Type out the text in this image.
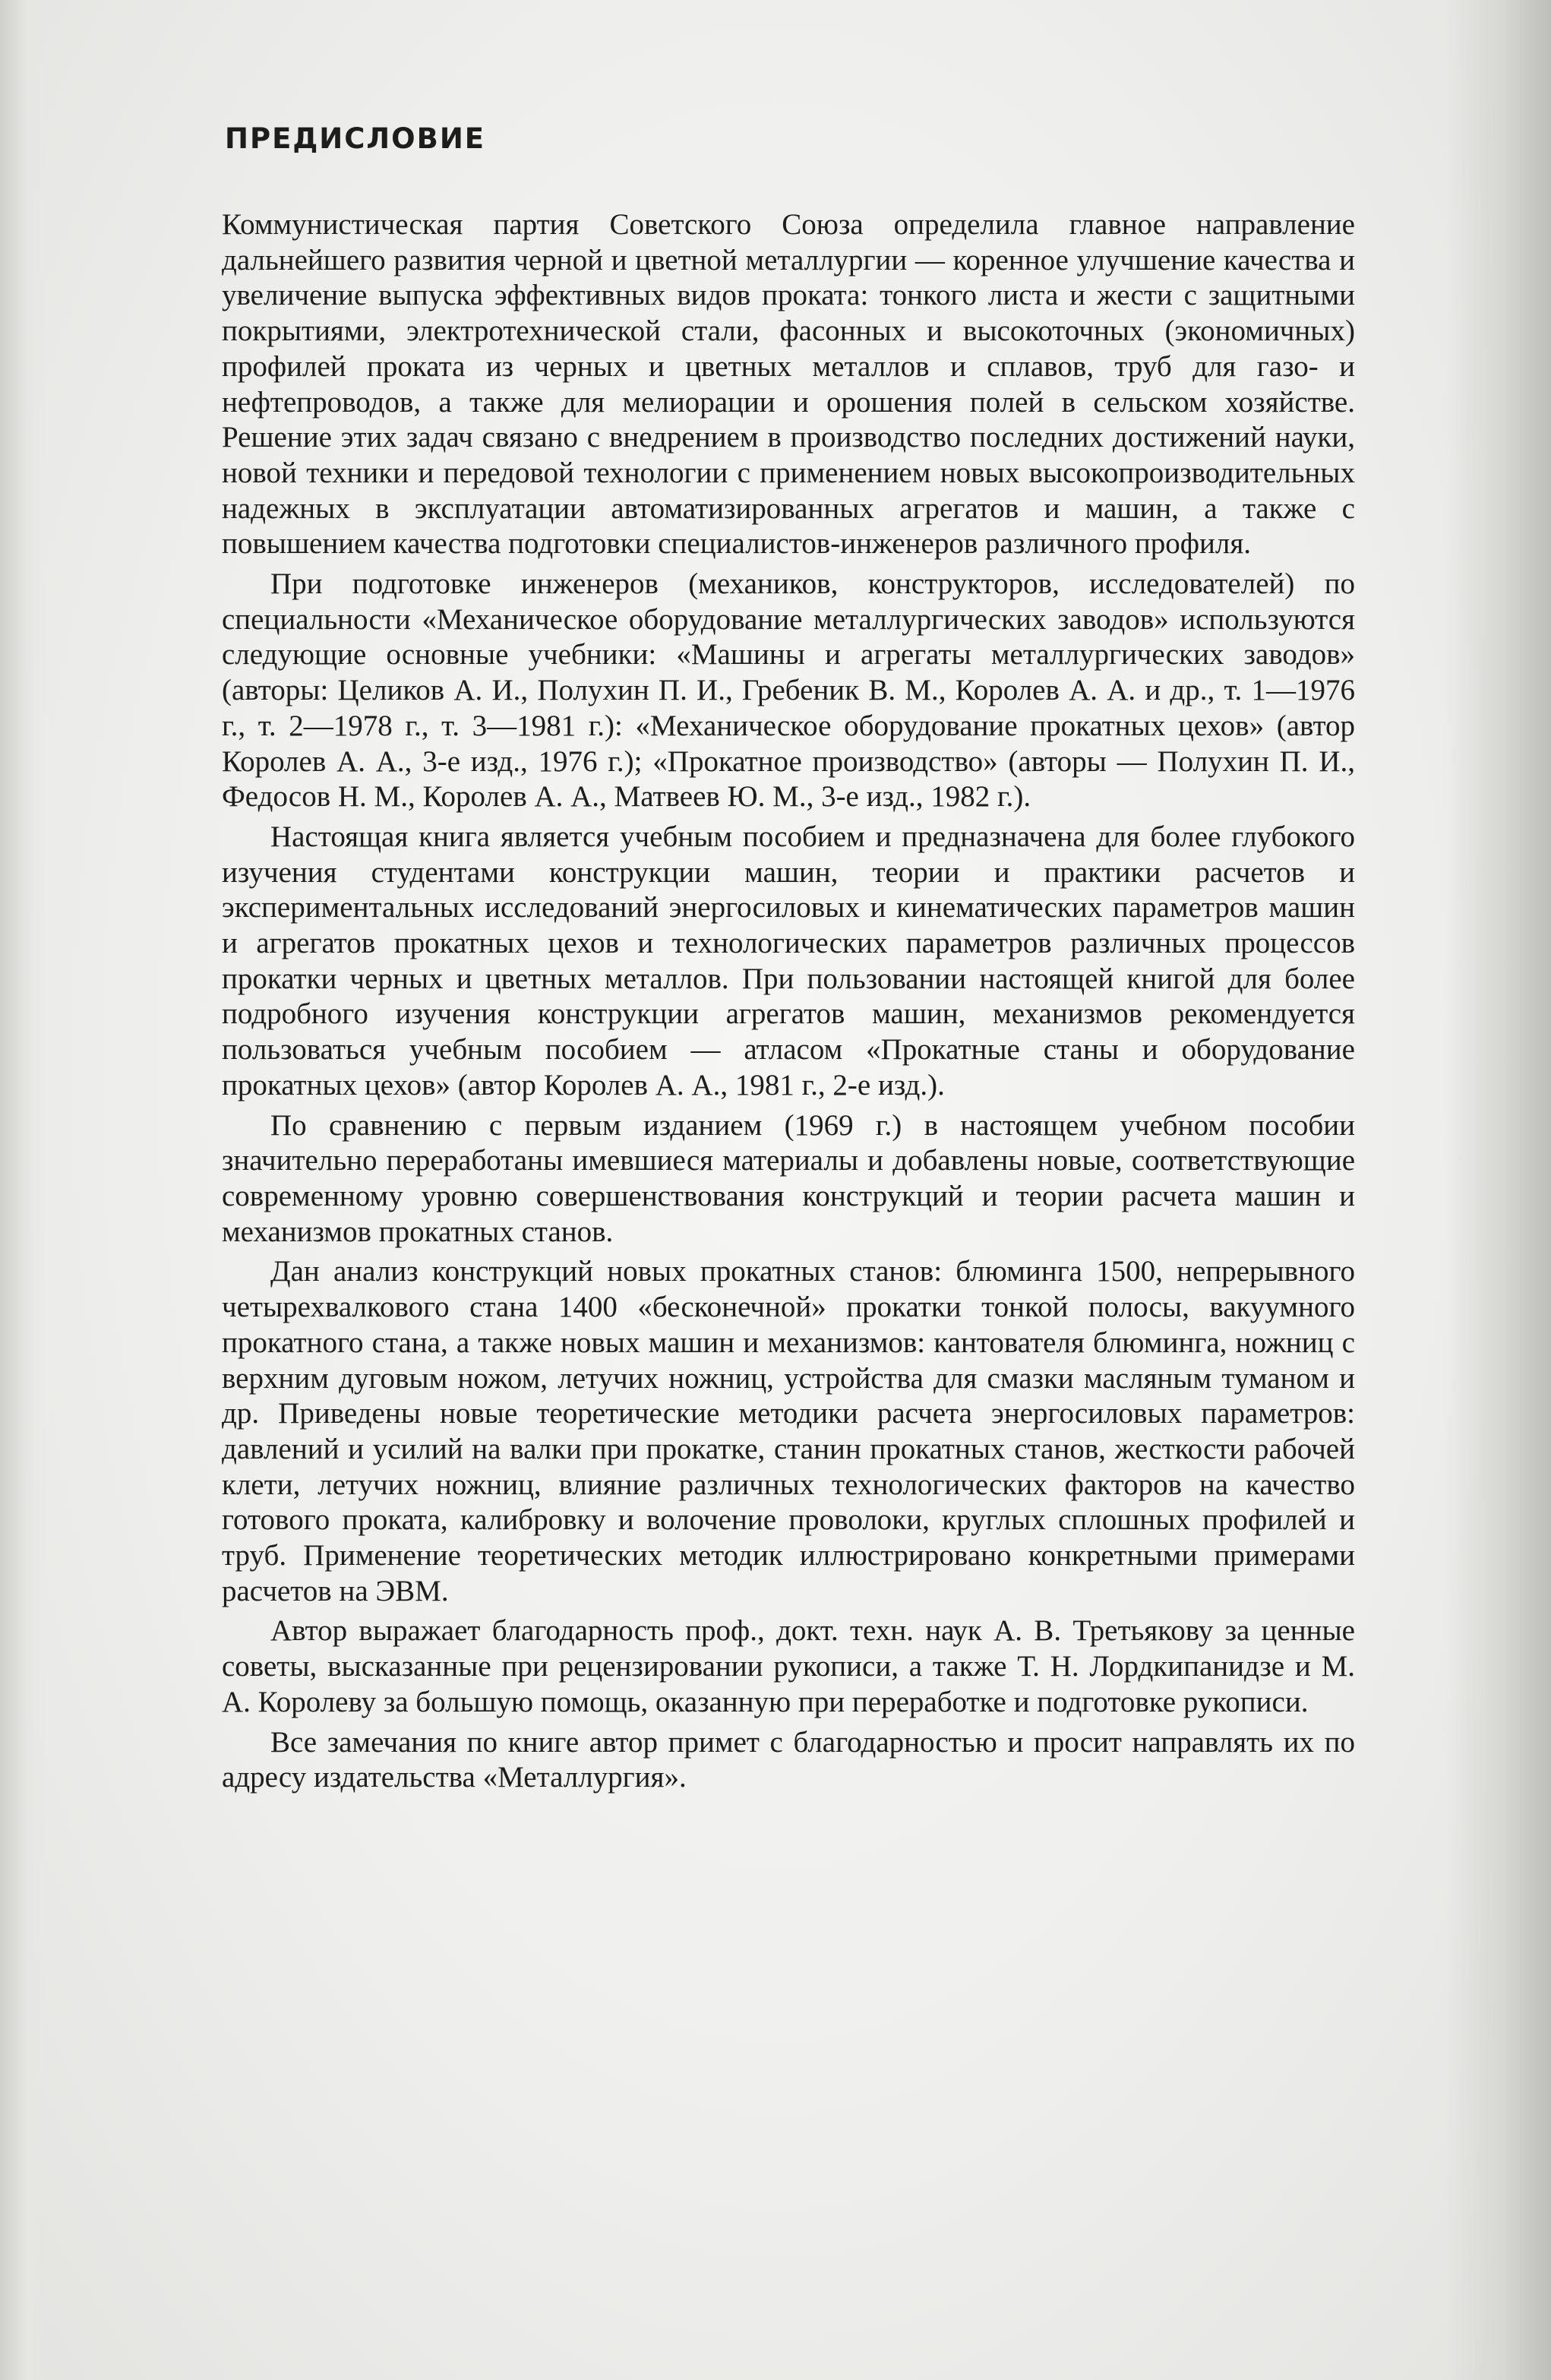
ПРЕДИСЛОВИЕ

Коммунистическая партия Советского Союза определила главное направление дальнейшего развития черной и цветной металлургии — коренное улучшение качества и увеличение выпуска эффективных видов проката: тонкого листа и жести с защитными покрытиями, электротехнической стали, фасонных и высокоточных (экономичных) профилей проката из черных и цветных металлов и сплавов, труб для газо- и нефтепроводов, а также для мелиорации и орошения полей в сельском хозяйстве. Решение этих задач связано с внедрением в производство последних достижений науки, новой техники и передовой технологии с применением новых высокопроизводительных надежных в эксплуатации автоматизированных агрегатов и машин, а также с повышением качества подготовки специалистов-инженеров различного профиля.

При подготовке инженеров (механиков, конструкторов, исследователей) по специальности «Механическое оборудование металлургических заводов» используются следующие основные учебники: «Машины и агрегаты металлургических заводов» (авторы: Целиков А. И., Полухин П. И., Гребеник В. М., Королев А. А. и др., т. 1—1976 г., т. 2—1978 г., т. 3—1981 г.): «Механическое оборудование прокатных цехов» (автор Королев А. А., 3-е изд., 1976 г.); «Прокатное производство» (авторы — Полухин П. И., Федосов Н. М., Королев А. А., Матвеев Ю. М., 3-е изд., 1982 г.).

Настоящая книга является учебным пособием и предназначена для более глубокого изучения студентами конструкции машин, теории и практики расчетов и экспериментальных исследований энергосиловых и кинематических параметров машин и агрегатов прокатных цехов и технологических параметров различных процессов прокатки черных и цветных металлов. При пользовании настоящей книгой для более подробного изучения конструкции агрегатов машин, механизмов рекомендуется пользоваться учебным пособием — атласом «Прокатные станы и оборудование прокатных цехов» (автор Королев А. А., 1981 г., 2-е изд.).

По сравнению с первым изданием (1969 г.) в настоящем учебном пособии значительно переработаны имевшиеся материалы и добавлены новые, соответствующие современному уровню совершенствования конструкций и теории расчета машин и механизмов прокатных станов.

Дан анализ конструкций новых прокатных станов: блюминга 1500, непрерывного четырехвалкового стана 1400 «бесконечной» прокатки тонкой полосы, вакуумного прокатного стана, а также новых машин и механизмов: кантователя блюминга, ножниц с верхним дуговым ножом, летучих ножниц, устройства для смазки масляным туманом и др. Приведены новые теоретические методики расчета энергосиловых параметров: давлений и усилий на валки при прокатке, станин прокатных станов, жесткости рабочей клети, летучих ножниц, влияние различных технологических факторов на качество готового проката, калибровку и волочение проволоки, круглых сплошных профилей и труб. Применение теоретических методик иллюстрировано конкретными примерами расчетов на ЭВМ.

Автор выражает благодарность проф., докт. техн. наук А. В. Третьякову за ценные советы, высказанные при рецензировании рукописи, а также Т. Н. Лордкипанидзе и М. А. Королеву за большую помощь, оказанную при переработке и подготовке рукописи.

Все замечания по книге автор примет с благодарностью и просит направлять их по адресу издательства «Металлургия».
